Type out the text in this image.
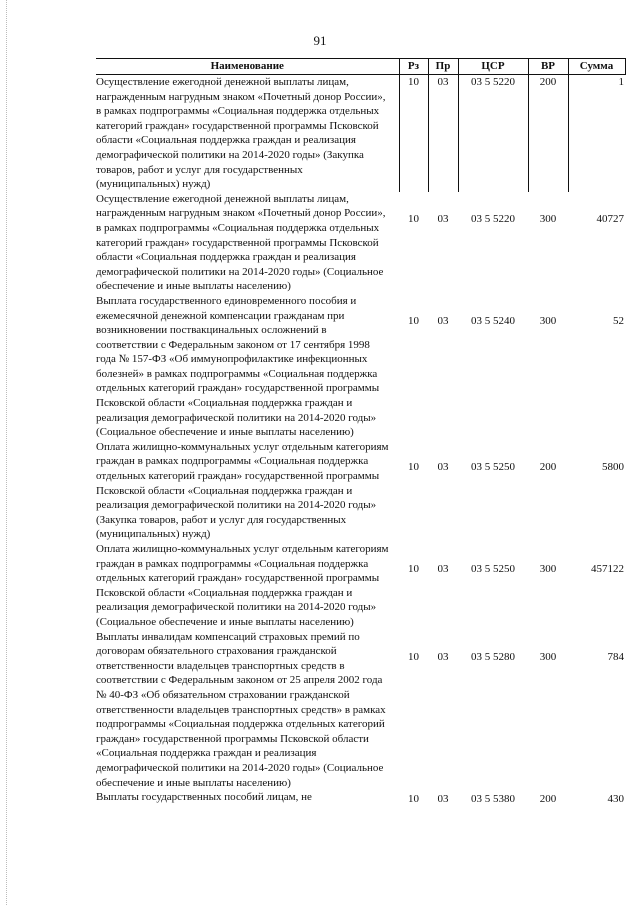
91
Наименование	Рз	Пр	ЦСР	ВР	Сумма
Осуществление ежегодной денежной выплаты лицам, награжденным нагрудным знаком «Почетный донор России», в рамках подпрограммы «Социальная поддержка отдельных категорий граждан» государственной программы Псковской области «Социальная поддержка граждан и реализация демографической политики на 2014-2020 годы» (Закупка товаров, работ и услуг для государственных (муниципальных) нужд)	10	03	03 5 5220	200	1
Осуществление ежегодной денежной выплаты лицам, награжденным нагрудным знаком «Почетный донор России», в рамках подпрограммы «Социальная поддержка отдельных категорий граждан» государственной программы Псковской области «Социальная поддержка граждан и реализация демографической политики на 2014-2020 годы» (Социальное обеспечение и иные выплаты населению)	10	03	03 5 5220	300	40727
Выплата государственного единовременного пособия и ежемесячной денежной компенсации гражданам при возникновении поствакцинальных осложнений в соответствии с Федеральным законом от 17 сентября 1998 года № 157-ФЗ «Об иммунопрофилактике инфекционных болезней» в рамках подпрограммы «Социальная поддержка отдельных категорий граждан» государственной программы Псковской области «Социальная поддержка граждан и реализация демографической политики на 2014-2020 годы» (Социальное обеспечение и иные выплаты населению)	10	03	03 5 5240	300	52
Оплата жилищно-коммунальных услуг отдельным категориям граждан в рамках подпрограммы «Социальная поддержка отдельных категорий граждан» государственной программы Псковской области «Социальная поддержка граждан и реализация демографической политики на 2014-2020 годы» (Закупка товаров, работ и услуг для государственных (муниципальных) нужд)	10	03	03 5 5250	200	5800
Оплата жилищно-коммунальных услуг отдельным категориям граждан в рамках подпрограммы «Социальная поддержка отдельных категорий граждан» государственной программы Псковской области «Социальная поддержка граждан и реализация демографической политики на 2014-2020 годы» (Социальное обеспечение и иные выплаты населению)	10	03	03 5 5250	300	457122
Выплаты инвалидам компенсаций страховых премий по договорам обязательного страхования гражданской ответственности владельцев транспортных средств в соответствии с Федеральным законом от 25 апреля 2002 года № 40-ФЗ «Об обязательном страховании гражданской ответственности владельцев транспортных средств» в рамках подпрограммы «Социальная поддержка отдельных категорий граждан» государственной программы Псковской области «Социальная поддержка граждан и реализация демографической политики на 2014-2020 годы» (Социальное обеспечение и иные выплаты населению)	10	03	03 5 5280	300	784
Выплаты государственных пособий лицам, не	10	03	03 5 5380	200	430
